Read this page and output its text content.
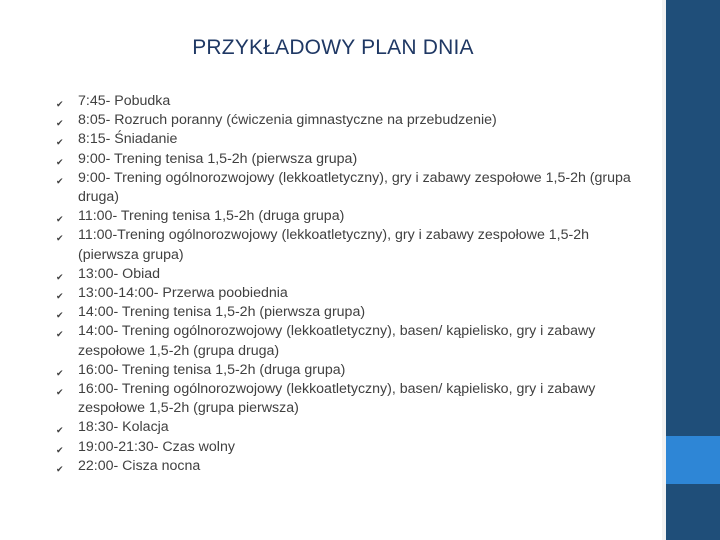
PRZYKŁADOWY PLAN DNIA
✔ 7:45- Pobudka
✔ 8:05- Rozruch poranny (ćwiczenia gimnastyczne na przebudzenie)
✔ 8:15- Śniadanie
✔ 9:00- Trening tenisa 1,5-2h (pierwsza grupa)
✔ 9:00- Trening ogólnorozwojowy (lekkoatletyczny), gry i zabawy zespołowe 1,5-2h (grupa druga)
✔ 11:00- Trening tenisa 1,5-2h (druga grupa)
✔ 11:00-Trening ogólnorozwojowy (lekkoatletyczny), gry i zabawy zespołowe 1,5-2h (pierwsza grupa)
✔ 13:00- Obiad
✔ 13:00-14:00- Przerwa poobiednia
✔ 14:00- Trening tenisa 1,5-2h (pierwsza grupa)
✔ 14:00- Trening ogólnorozwojowy (lekkoatletyczny), basen/ kąpielisko, gry i zabawy zespołowe 1,5-2h (grupa druga)
✔ 16:00- Trening tenisa 1,5-2h (druga grupa)
✔ 16:00- Trening ogólnorozwojowy (lekkoatletyczny), basen/ kąpielisko, gry i zabawy zespołowe 1,5-2h (grupa pierwsza)
✔ 18:30- Kolacja
✔ 19:00-21:30- Czas wolny
✔ 22:00- Cisza nocna
